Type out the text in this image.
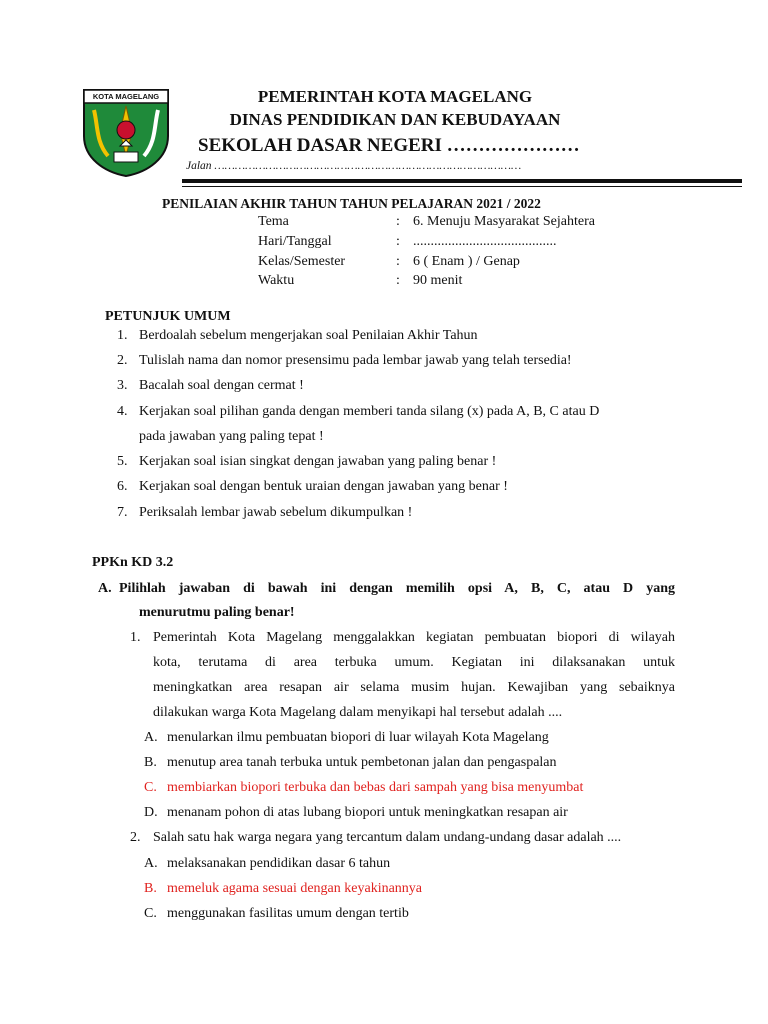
KOTA MAGELANG	PEMERINTAH KOTA MAGELANG
DINAS PENDIDIKAN DAN KEBUDAYAAN
SEKOLAH DASAR NEGERI …………………
Jalan ………………………………………………………………………………
PENILAIAN AKHIR TAHUN TAHUN PELAJARAN 2021 / 2022
Tema	: 6. Menuju Masyarakat Sejahtera
Hari/Tanggal	: .........................................
Kelas/Semester	: 6 ( Enam ) / Genap
Waktu	: 90 menit
PETUNJUK UMUM
1. Berdoalah sebelum mengerjakan soal Penilaian Akhir Tahun
2. Tulislah nama dan nomor presensimu pada lembar jawab yang telah tersedia!
3. Bacalah soal dengan cermat !
4. Kerjakan soal pilihan ganda dengan memberi tanda silang (x) pada A, B, C atau D
pada jawaban yang paling tepat !
5. Kerjakan soal isian singkat dengan jawaban yang paling benar !
6. Kerjakan soal dengan bentuk uraian dengan jawaban yang benar !
7. Periksalah lembar jawab sebelum dikumpulkan !
PPKn KD 3.2
A. Pilihlah jawaban di bawah ini dengan memilih opsi A, B, C, atau D yang
menurutmu paling benar!
1. Pemerintah Kota Magelang menggalakkan kegiatan pembuatan biopori di wilayah
kota, terutama di area terbuka umum. Kegiatan ini dilaksanakan untuk
meningkatkan area resapan air selama musim hujan. Kewajiban yang sebaiknya
dilakukan warga Kota Magelang dalam menyikapi hal tersebut adalah ....
A. menularkan ilmu pembuatan biopori di luar wilayah Kota Magelang
B. menutup area tanah terbuka untuk pembetonan jalan dan pengaspalan
C. membiarkan biopori terbuka dan bebas dari sampah yang bisa menyumbat
D. menanam pohon di atas lubang biopori untuk meningkatkan resapan air
2. Salah satu hak warga negara yang tercantum dalam undang-undang dasar adalah ....
A. melaksanakan pendidikan dasar 6 tahun
B. memeluk agama sesuai dengan keyakinannya
C. menggunakan fasilitas umum dengan tertib
